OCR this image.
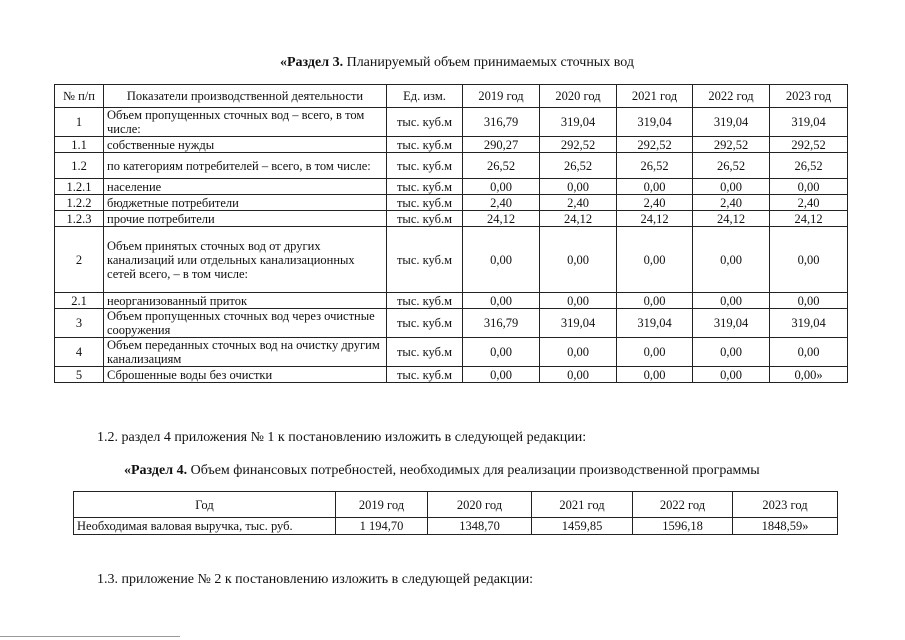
«Раздел 3. Планируемый объем принимаемых сточных вод
№ п/п	Показатели производственной деятельности	Ед. изм.	2019 год	2020 год	2021 год	2022 год	2023 год
1	Объем пропущенных сточных вод – всего, в том числе:	тыс. куб.м	316,79	319,04	319,04	319,04	319,04
1.1	собственные нужды	тыс. куб.м	290,27	292,52	292,52	292,52	292,52
1.2	по категориям потребителей – всего, в том числе:	тыс. куб.м	26,52	26,52	26,52	26,52	26,52
1.2.1	население	тыс. куб.м	0,00	0,00	0,00	0,00	0,00
1.2.2	бюджетные потребители	тыс. куб.м	2,40	2,40	2,40	2,40	2,40
1.2.3	прочие потребители	тыс. куб.м	24,12	24,12	24,12	24,12	24,12
2	Объем принятых сточных вод от других канализаций или отдельных канализационных сетей всего, – в том числе:	тыс. куб.м	0,00	0,00	0,00	0,00	0,00
2.1	неорганизованный приток	тыс. куб.м	0,00	0,00	0,00	0,00	0,00
3	Объем пропущенных сточных вод через очистные сооружения	тыс. куб.м	316,79	319,04	319,04	319,04	319,04
4	Объем переданных сточных вод на очистку другим канализациям	тыс. куб.м	0,00	0,00	0,00	0,00	0,00
5	Сброшенные воды без очистки	тыс. куб.м	0,00	0,00	0,00	0,00	0,00»
1.2. раздел 4 приложения № 1 к постановлению изложить в следующей редакции:
«Раздел 4. Объем финансовых потребностей, необходимых для реализации производственной программы
Год	2019 год	2020 год	2021 год	2022 год	2023 год
Необходимая валовая выручка, тыс. руб.	1 194,70	1348,70	1459,85	1596,18	1848,59»
1.3. приложение № 2 к постановлению изложить в следующей редакции:
